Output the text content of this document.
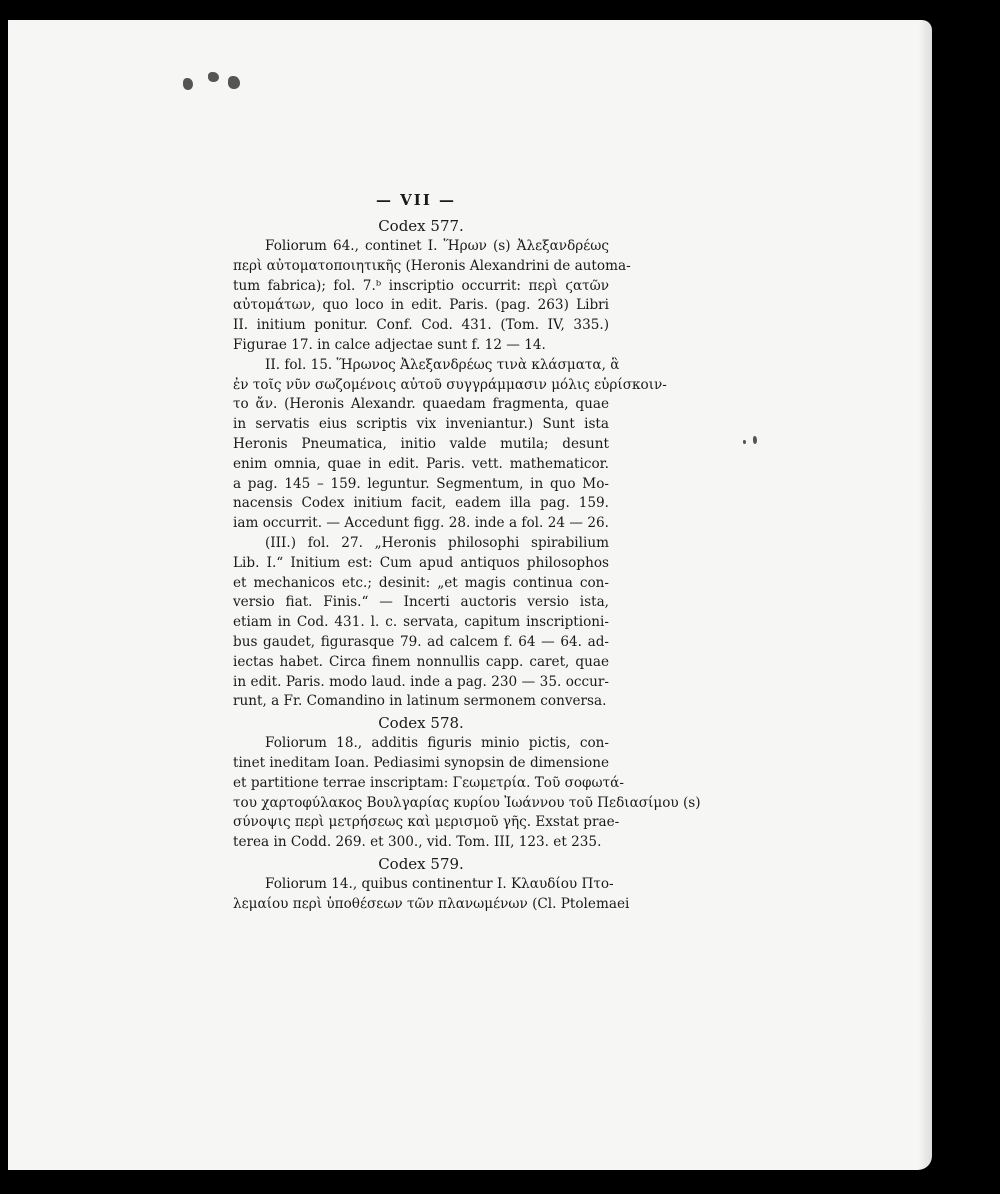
— VII —
Codex 577.
Foliorum 64., continet I. Ἥρων (s) Ἀλεξανδρέως
περὶ αὐτοματοποιητικῆς (Heronis Alexandrini de automa-
tum fabrica); fol. 7.ᵇ inscriptio occurrit: περὶ ϛατῶν
αὐτομάτων, quo loco in edit. Paris. (pag. 263) Libri
II. initium ponitur. Conf. Cod. 431. (Tom. IV, 335.)
Figurae 17. in calce adjectae sunt f. 12 — 14.
II. fol. 15. Ἥρωνος Ἀλεξανδρέως τινὰ κλάσματα, ἃ
ἐν τοῖς νῦν σωζομένοις αὐτοῦ συγγράμμασιν μόλις εὑρίσκοιν-
το ἄν. (Heronis Alexandr. quaedam fragmenta, quae
in servatis eius scriptis vix inveniantur.) Sunt ista
Heronis Pneumatica, initio valde mutila; desunt
enim omnia, quae in edit. Paris. vett. mathematicor.
a pag. 145 – 159. leguntur. Segmentum, in quo Mo-
nacensis Codex initium facit, eadem illa pag. 159.
iam occurrit. — Accedunt figg. 28. inde a fol. 24 — 26.
(III.) fol. 27. „Heronis philosophi spirabilium
Lib. I.“ Initium est: Cum apud antiquos philosophos
et mechanicos etc.; desinit: „et magis continua con-
versio fiat. Finis.“ — Incerti auctoris versio ista,
etiam in Cod. 431. l. c. servata, capitum inscriptioni-
bus gaudet, figurasque 79. ad calcem f. 64 — 64. ad-
iectas habet. Circa finem nonnullis capp. caret, quae
in edit. Paris. modo laud. inde a pag. 230 — 35. occur-
runt, a Fr. Comandino in latinum sermonem conversa.
Codex 578.
Foliorum 18., additis figuris minio pictis, con-
tinet ineditam Ioan. Pediasimi synopsin de dimensione
et partitione terrae inscriptam: Γεωμετρία. Τοῦ σοφωτά-
του χαρτοφύλακος Βουλγαρίας κυρίου Ἰωάννου τοῦ Πεδιασίμου (s)
σύνοψις περὶ μετρήσεως καὶ μερισμοῦ γῆς. Exstat prae-
terea in Codd. 269. et 300., vid. Tom. III, 123. et 235.
Codex 579.
Foliorum 14., quibus continentur I. Κλαυδίου Πτο-
λεμαίου περὶ ὑποθέσεων τῶν πλανωμένων (Cl. Ptolemaei
